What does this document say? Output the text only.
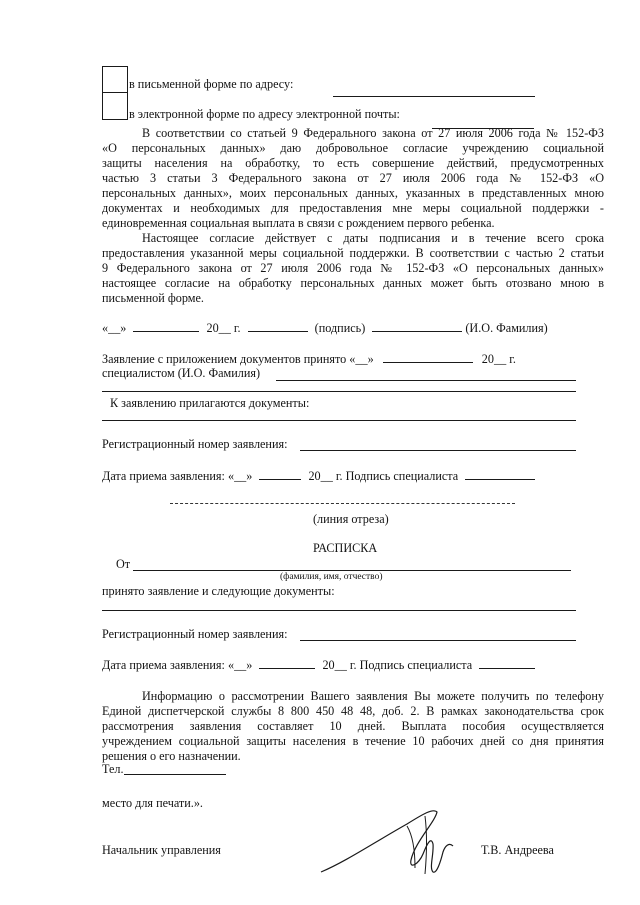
в письменной форме по адресу:
в электронной форме по адресу электронной почты:
В соответствии со статьей 9 Федерального закона от 27 июля 2006 года № 152-ФЗ
«О персональных данных» даю добровольное согласие учреждению социальной
защиты населения на обработку, то есть совершение действий, предусмотренных
частью 3 статьи 3 Федерального закона от 27 июля 2006 года № 152-ФЗ «О
персональных данных», моих персональных данных, указанных в представленных мною
документах и необходимых для предоставления мне меры социальной поддержки -
единовременная социальная выплата в связи с рождением первого ребенка.
Настоящее согласие действует с даты подписания и в течение всего срока
предоставления указанной меры социальной поддержки. В соответствии с частью 2 статьи
9 Федерального закона от 27 июля 2006 года № 152-ФЗ «О персональных данных»
настоящее согласие на обработку персональных данных может быть отозвано мною в
письменной форме.
«__»	20__ г.	(подпись)	(И.О. Фамилия)
Заявление с приложением документов принято «__»	20__ г.
специалистом (И.О. Фамилия)
К заявлению прилагаются документы:
Регистрационный номер заявления:
Дата приема заявления: «__»	20__ г. Подпись специалиста
(линия отреза)
РАСПИСКА
От
(фамилия, имя, отчество)
принято заявление и следующие документы:
Регистрационный номер заявления:
Дата приема заявления: «__»	20__ г. Подпись специалиста
Информацию о рассмотрении Вашего заявления Вы можете получить по телефону
Единой диспетчерской службы 8 800 450 48 48, доб. 2. В рамках законодательства срок
рассмотрения заявления составляет 10 дней. Выплата пособия осуществляется
учреждением социальной защиты населения в течение 10 рабочих дней со дня принятия
решения о его назначении.
Тел.
место для печати.».
Начальник управления	Т.В. Андреева
